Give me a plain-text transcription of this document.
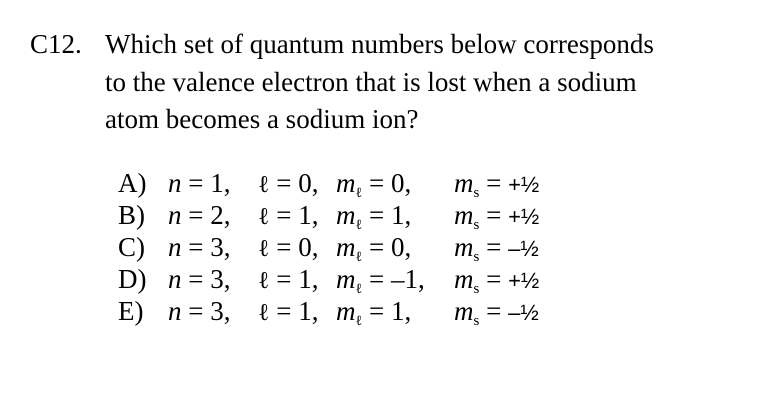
C12. Which set of quantum numbers below corresponds
to the valence electron that is lost when a sodium
atom becomes a sodium ion?
A) n = 1, ℓ = 0, $m_\ell = 0$, $m_s$ = +½
B) n = 2, ℓ = 1, $m_\ell = 1$, $m_s$ = +½
C) n = 3, ℓ = 0, $m_\ell = 0$, $m_s$ = –½
D) n = 3, ℓ = 1, $m_\ell = -1$, $m_s$ = +½
E) n = 3, ℓ = 1, $m_\ell = 1$, $m_s$ = –½
